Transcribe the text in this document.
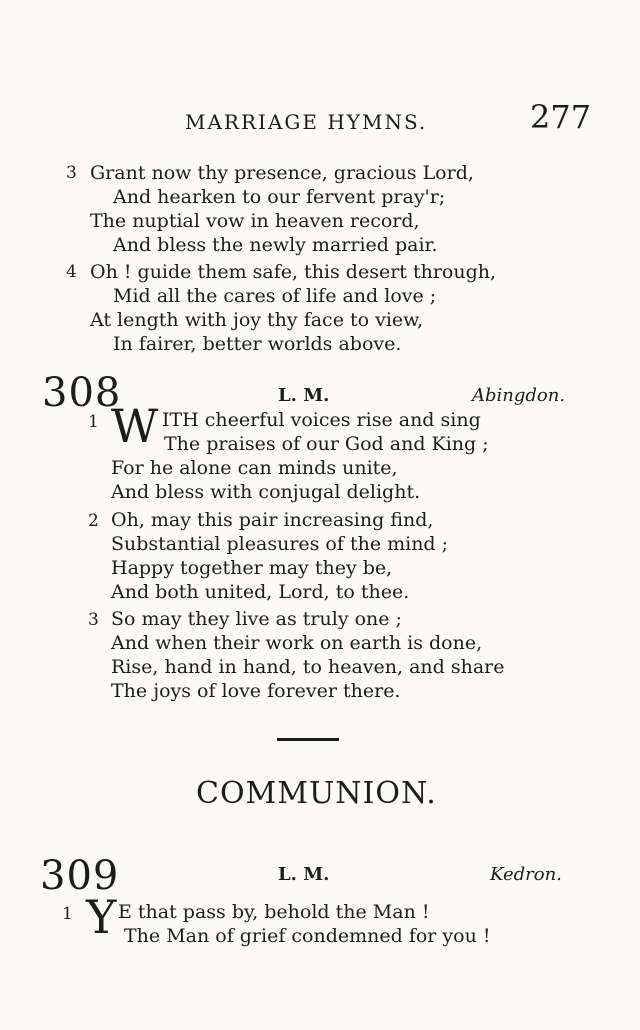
MARRIAGE HYMNS.	277
3 Grant now thy presence, gracious Lord,
And hearken to our fervent pray'r;
The nuptial vow in heaven record,
And bless the newly married pair.
4 Oh ! guide them safe, this desert through,
Mid all the cares of life and love ;
At length with joy thy face to view,
In fairer, better worlds above.
308	L. M.	Abingdon.
1 W ITH cheerful voices rise and sing
The praises of our God and King ;
For he alone can minds unite,
And bless with conjugal delight.
2 Oh, may this pair increasing find,
Substantial pleasures of the mind ;
Happy together may they be,
And both united, Lord, to thee.
3 So may they live as truly one ;
And when their work on earth is done,
Rise, hand in hand, to heaven, and share
The joys of love forever there.
COMMUNION.
309	L. M.	Kedron.
1 Y E that pass by, behold the Man !
The Man of grief condemned for you !
